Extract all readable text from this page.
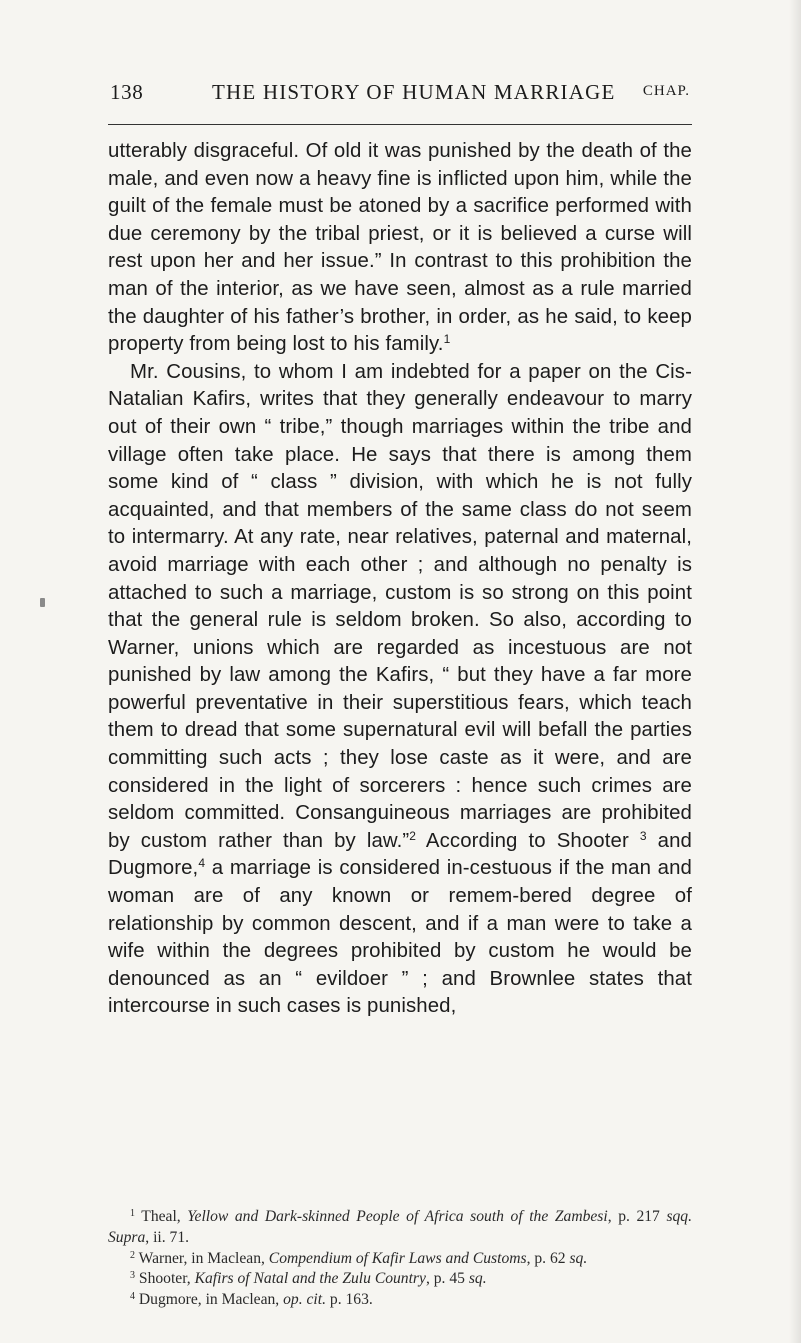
138	THE HISTORY OF HUMAN MARRIAGE CHAP.

utterably disgraceful. Of old it was punished by the death of the male, and even now a heavy fine is inflicted upon him, while the guilt of the female must be atoned by a sacrifice performed with due ceremony by the tribal priest, or it is believed a curse will rest upon her and her issue.” In contrast to this prohibition the man of the interior, as we have seen, almost as a rule married the daughter of his father’s brother, in order, as he said, to keep property from being lost to his family.$^1$

Mr. Cousins, to whom I am indebted for a paper on the Cis-Natalian Kafirs, writes that they generally endeavour to marry out of their own “ tribe,” though marriages within the tribe and village often take place. He says that there is among them some kind of “ class ” division, with which he is not fully acquainted, and that members of the same class do not seem to intermarry. At any rate, near relatives, paternal and maternal, avoid marriage with each other ; and although no penalty is attached to such a marriage, custom is so strong on this point that the general rule is seldom broken. So also, according to Warner, unions which are regarded as incestuous are not punished by law among the Kafirs, “ but they have a far more powerful preventative in their superstitious fears, which teach them to dread that some supernatural evil will befall the parties committing such acts ; they lose caste as it were, and are considered in the light of sorcerers : hence such crimes are seldom committed. Consanguineous marriages are prohibited by custom rather than by law.”$^2$ According to Shooter $^3$ and Dugmore,$^4$ a marriage is considered in-cestuous if the man and woman are of any known or remem-bered degree of relationship by common descent, and if a man were to take a wife within the degrees prohibited by custom he would be denounced as an “ evildoer ” ; and Brownlee states that intercourse in such cases is punished,

$^1$ Theal, Yellow and Dark-skinned People of Africa south of the Zambesi, p. 217 sqq. Supra, ii. 71.

$^2$ Warner, in Maclean, Compendium of Kafir Laws and Customs, p. 62 sq.

$^3$ Shooter, Kafirs of Natal and the Zulu Country, p. 45 sq.

$^4$ Dugmore, in Maclean, op. cit. p. 163.
